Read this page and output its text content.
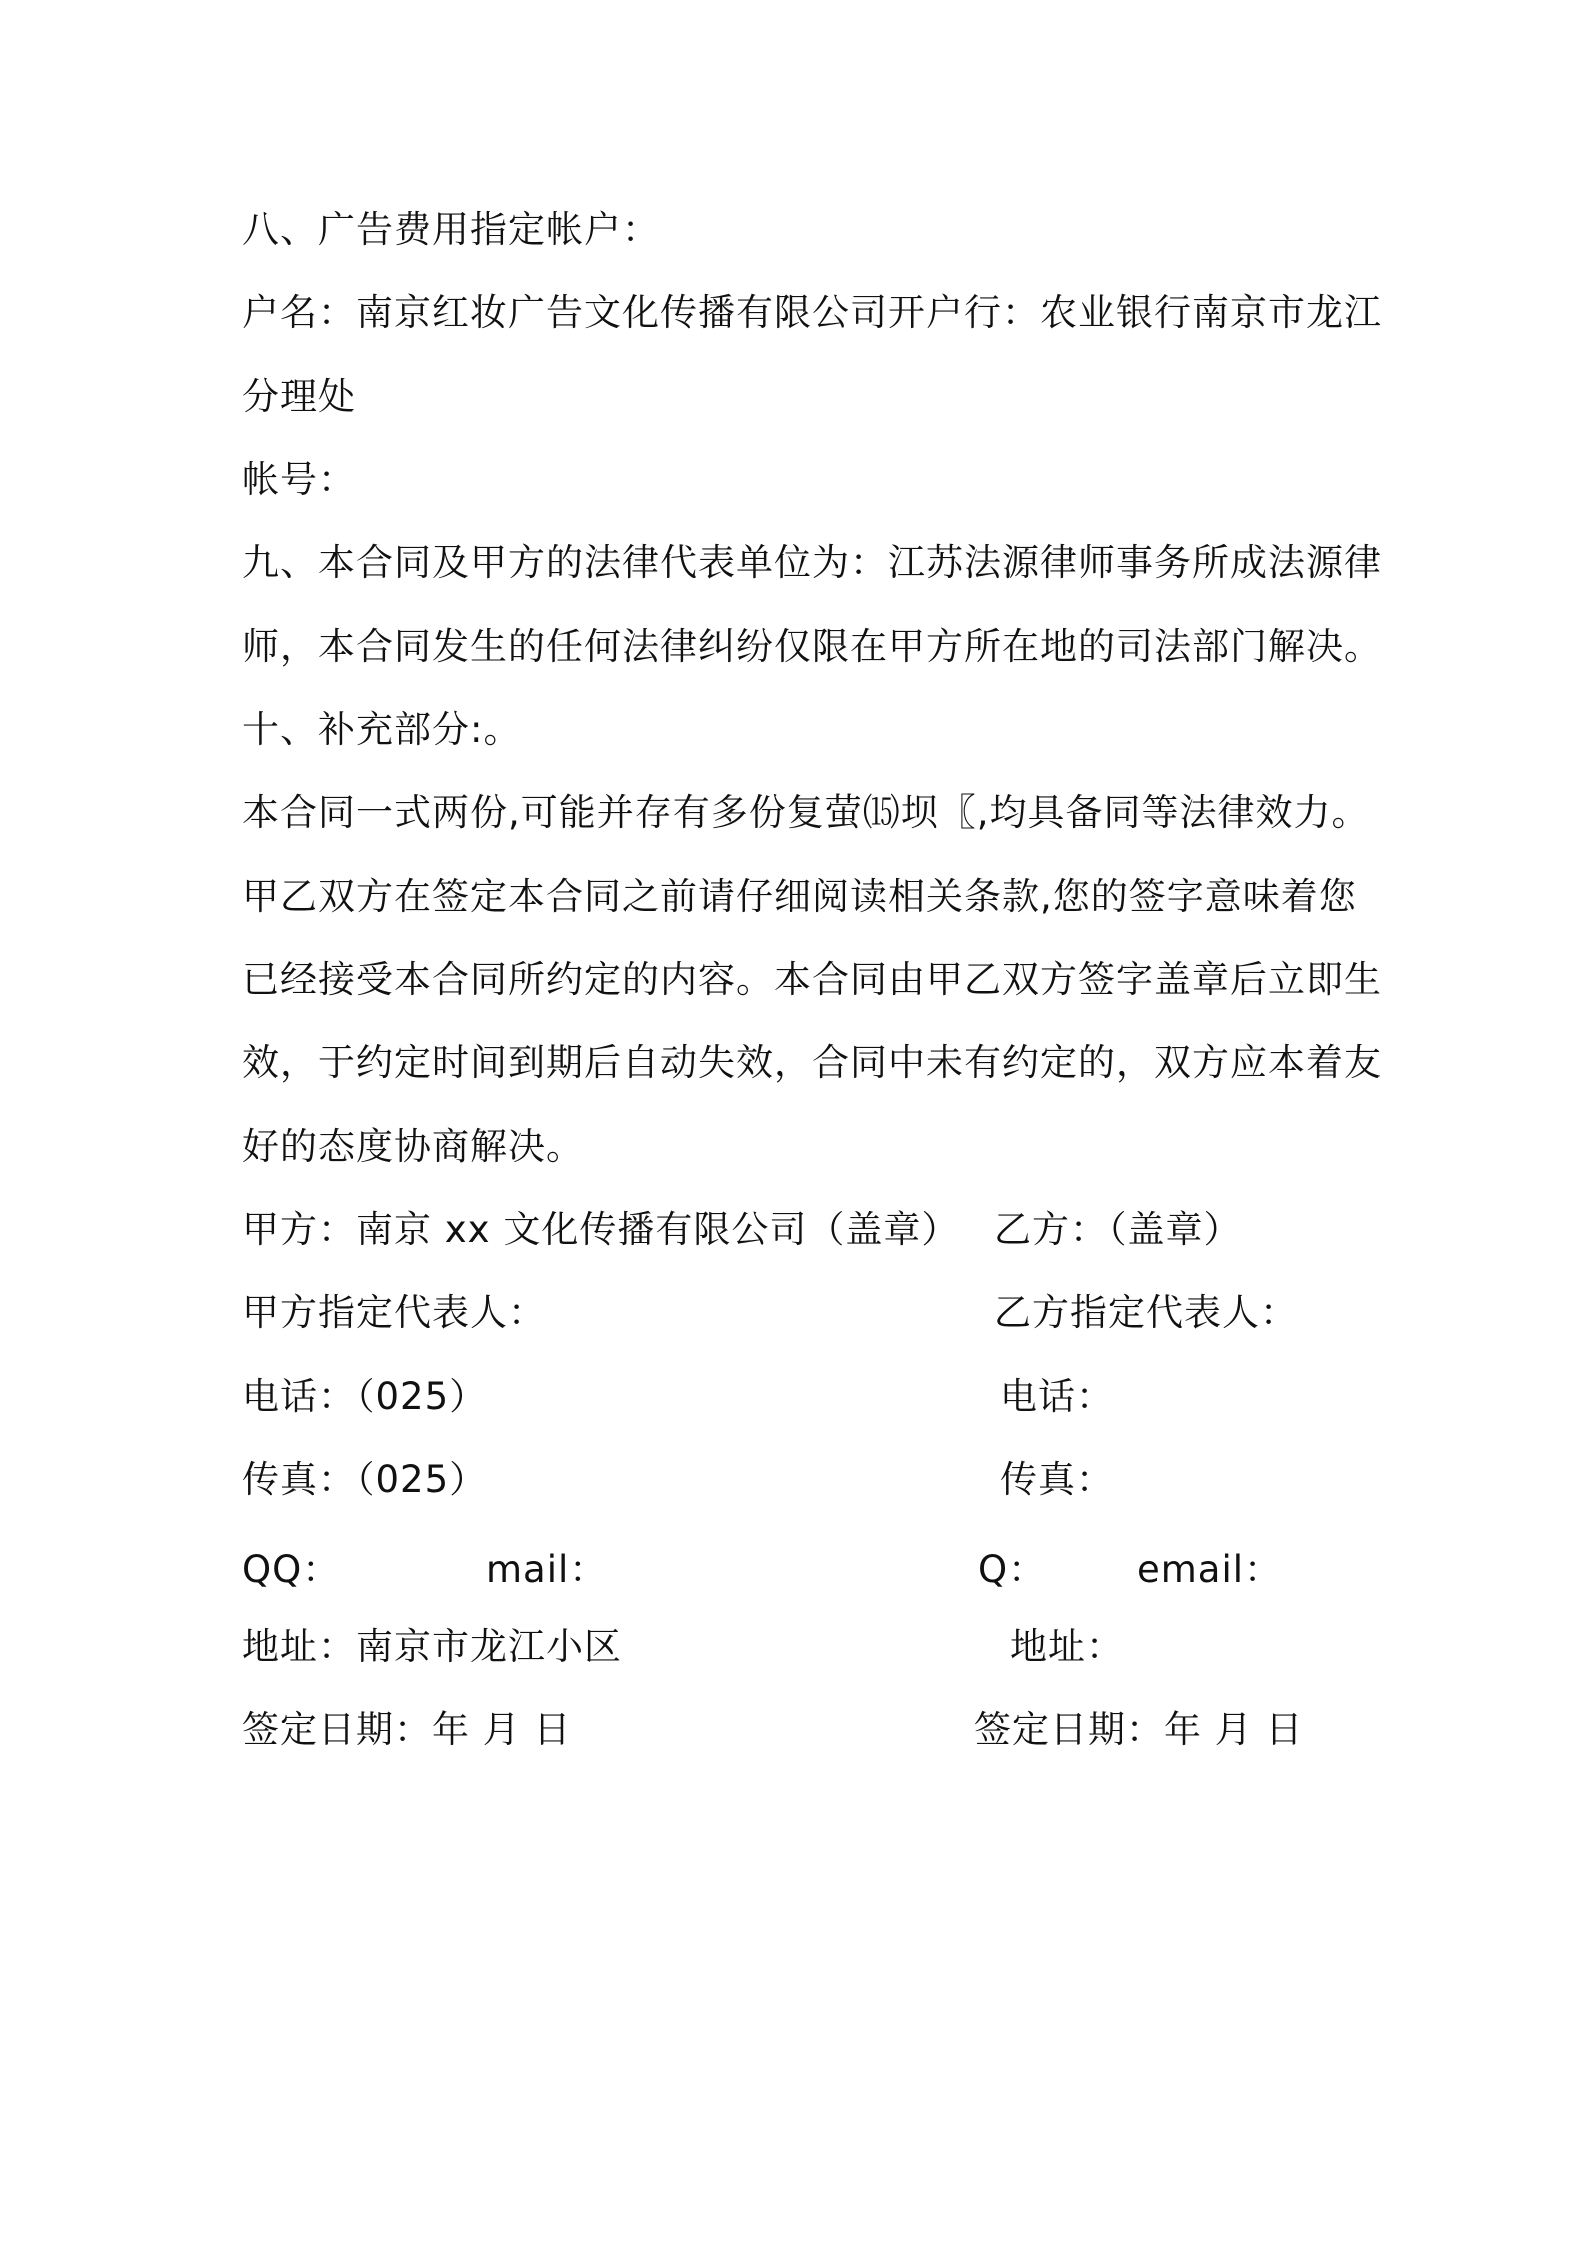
八、广告费用指定帐户：

户名：南京红妆广告文化传播有限公司开户行：农业银行南京市龙江

分理处

帐号：

九、本合同及甲方的法律代表单位为：江苏法源律师事务所成法源律

师，本合同发生的任何法律纠纷仅限在甲方所在地的司法部门解决。

十、补充部分:。

本合同一式两份,可能并存有多份复萤⒂坝〖,均具备同等法律效力。

甲乙双方在签定本合同之前请仔细阅读相关条款,您的签字意味着您

已经接受本合同所约定的内容。本合同由甲乙双方签字盖章后立即生

效，于约定时间到期后自动失效，合同中未有约定的，双方应本着友

好的态度协商解决。

甲方：南京 xx 文化传播有限公司（盖章）

甲方指定代表人：

电话：（025）

传真：（025）

QQ：	mail：

地址：南京市龙江小区

签定日期：年 月 日

乙方：（盖章）

乙方指定代表人：

电话：

传真：

Q： email：

地址：

签定日期：年 月 日
